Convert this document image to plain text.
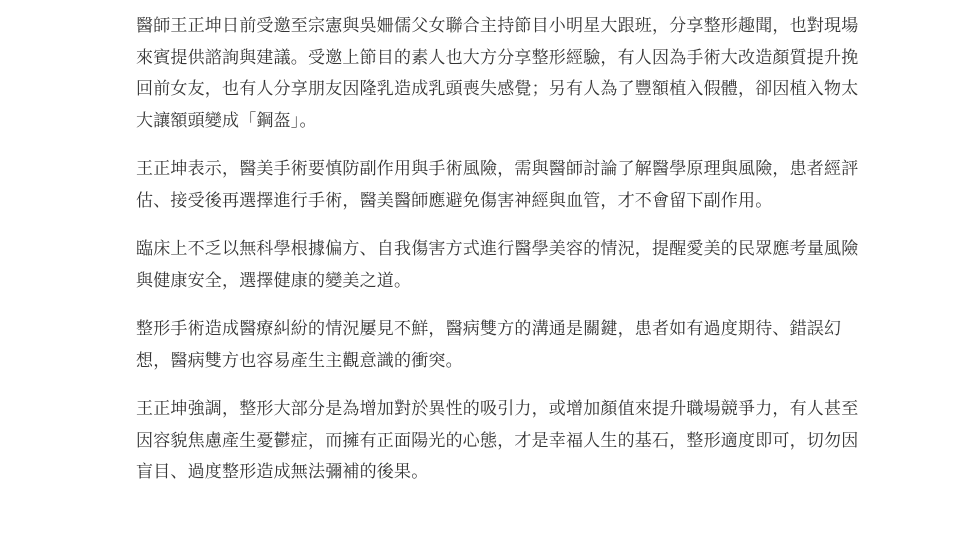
醫師王正坤日前受邀至宗憲與吳姍儒父女聯合主持節目小明星大跟班，分享整形趣聞，也對現場來賓提供諮詢與建議。受邀上節目的素人也大方分享整形經驗，有人因為手術大改造顏質提升挽回前女友，也有人分享朋友因隆乳造成乳頭喪失感覺；另有人為了豐額植入假體，卻因植入物太大讓額頭變成「鋼盔」。

王正坤表示，醫美手術要慎防副作用與手術風險，需與醫師討論了解醫學原理與風險，患者經評估、接受後再選擇進行手術，醫美醫師應避免傷害神經與血管，才不會留下副作用。

臨床上不乏以無科學根據偏方、自我傷害方式進行醫學美容的情況，提醒愛美的民眾應考量風險與健康安全，選擇健康的變美之道。

整形手術造成醫療糾紛的情況屢見不鮮，醫病雙方的溝通是關鍵，患者如有過度期待、錯誤幻想，醫病雙方也容易產生主觀意識的衝突。

王正坤強調，整形大部分是為增加對於異性的吸引力，或增加顏值來提升職場競爭力，有人甚至因容貌焦慮產生憂鬱症，而擁有正面陽光的心態，才是幸福人生的基石，整形適度即可，切勿因盲目、過度整形造成無法彌補的後果。
